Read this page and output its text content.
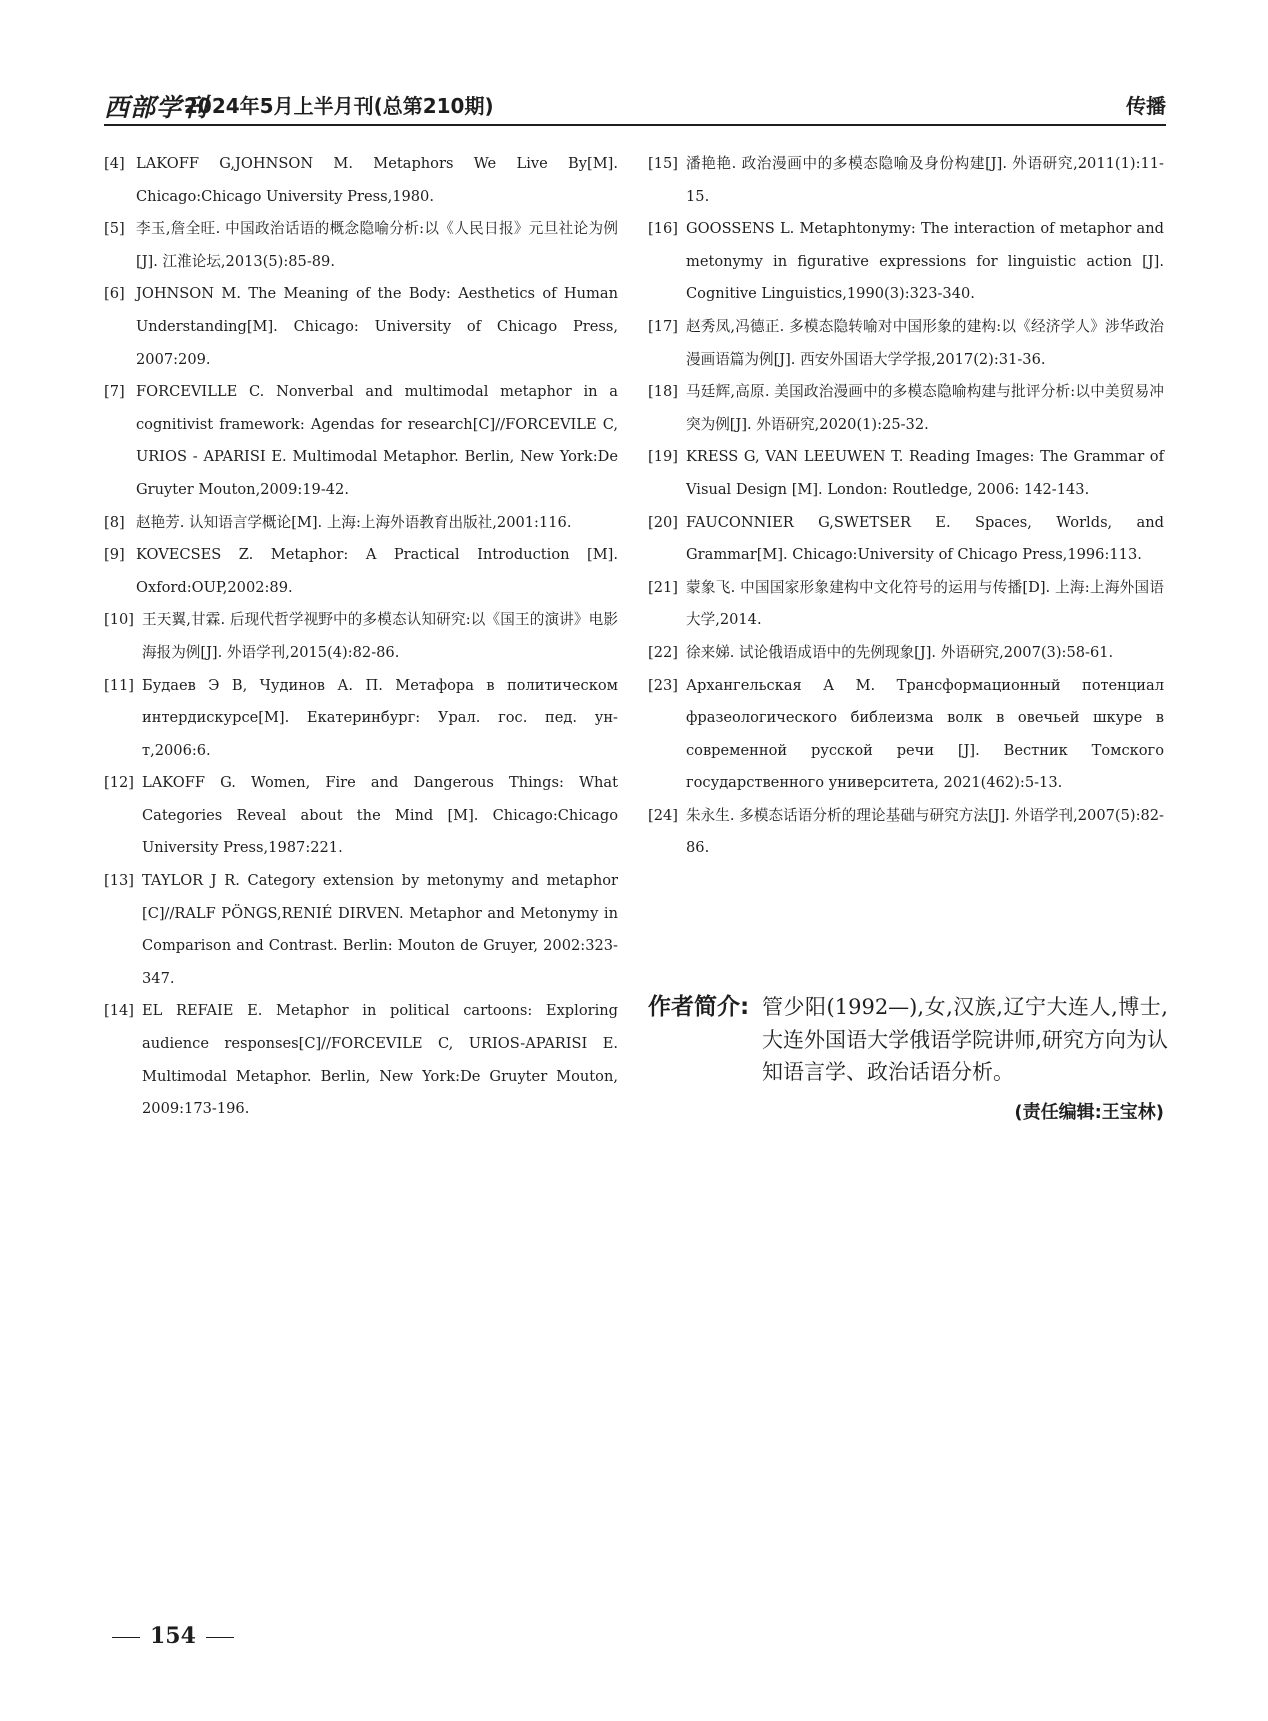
西部学刊
2024年5月上半月刊(总第210期)	传播
[4] LAKOFF G,JOHNSON M. Metaphors We Live By[M]. Chicago:Chicago University Press,1980.
[5] 李玉,詹全旺. 中国政治话语的概念隐喻分析:以《人民日报》元旦社论为例[J]. 江淮论坛,2013(5):85-89.
[6] JOHNSON M. The Meaning of the Body: Aesthetics of Human Understanding[M]. Chicago: University of Chicago Press, 2007:209.
[7] FORCEVILLE C. Nonverbal and multimodal metaphor in a cognitivist framework: Agendas for research[C]//FORCEVILE C, URIOS - APARISI E. Multimodal Metaphor. Berlin, New York:De Gruyter Mouton,2009:19-42.
[8] 赵艳芳. 认知语言学概论[M]. 上海:上海外语教育出版社,2001:116.
[9] KOVECSES Z. Metaphor: A Practical Introduction [M]. Oxford:OUP,2002:89.
[10] 王天翼,甘霖. 后现代哲学视野中的多模态认知研究:以《国王的演讲》电影海报为例[J]. 外语学刊,2015(4):82-86.
[11] Будаев Э В, Чудинов А. П. Метафора в политическом интердискурсе[M]. Екатеринбург: Урал. гос. пед. ун-т,2006:6.
[12] LAKOFF G. Women, Fire and Dangerous Things: What Categories Reveal about the Mind [M]. Chicago:Chicago University Press,1987:221.
[13] TAYLOR J R. Category extension by metonymy and metaphor [C]//RALF PÖNGS,RENIÉ DIRVEN. Metaphor and Metonymy in Comparison and Contrast. Berlin: Mouton de Gruyer, 2002:323-347.
[14] EL REFAIE E. Metaphor in political cartoons: Exploring audience responses[C]//FORCEVILE C, URIOS-APARISI E. Multimodal Metaphor. Berlin, New York:De Gruyter Mouton, 2009:173-196.
[15] 潘艳艳. 政治漫画中的多模态隐喻及身份构建[J]. 外语研究,2011(1):11-15.
[16] GOOSSENS L. Metaphtonymy: The interaction of metaphor and metonymy in figurative expressions for linguistic action [J]. Cognitive Linguistics,1990(3):323-340.
[17] 赵秀凤,冯德正. 多模态隐转喻对中国形象的建构:以《经济学人》涉华政治漫画语篇为例[J]. 西安外国语大学学报,2017(2):31-36.
[18] 马廷辉,高原. 美国政治漫画中的多模态隐喻构建与批评分析:以中美贸易冲突为例[J]. 外语研究,2020(1):25-32.
[19] KRESS G, VAN LEEUWEN T. Reading Images: The Grammar of Visual Design [M]. London: Routledge, 2006: 142-143.
[20] FAUCONNIER G,SWETSER E. Spaces, Worlds, and Grammar[M]. Chicago:University of Chicago Press,1996:113.
[21] 蒙象飞. 中国国家形象建构中文化符号的运用与传播[D]. 上海:上海外国语大学,2014.
[22] 徐来娣. 试论俄语成语中的先例现象[J]. 外语研究,2007(3):58-61.
[23] Архангельская А М. Трансформационный потенциал фразеологического библеизма волк в овечьей шкуре в современной русской речи [J]. Вестник Томского государственного университета, 2021(462):5-13.
[24] 朱永生. 多模态话语分析的理论基础与研究方法[J]. 外语学刊,2007(5):82-86.
作者简介: 管少阳(1992—),女,汉族,辽宁大连人,博士,大连外国语大学俄语学院讲师,研究方向为认知语言学、政治话语分析。
(责任编辑:王宝林)
154
